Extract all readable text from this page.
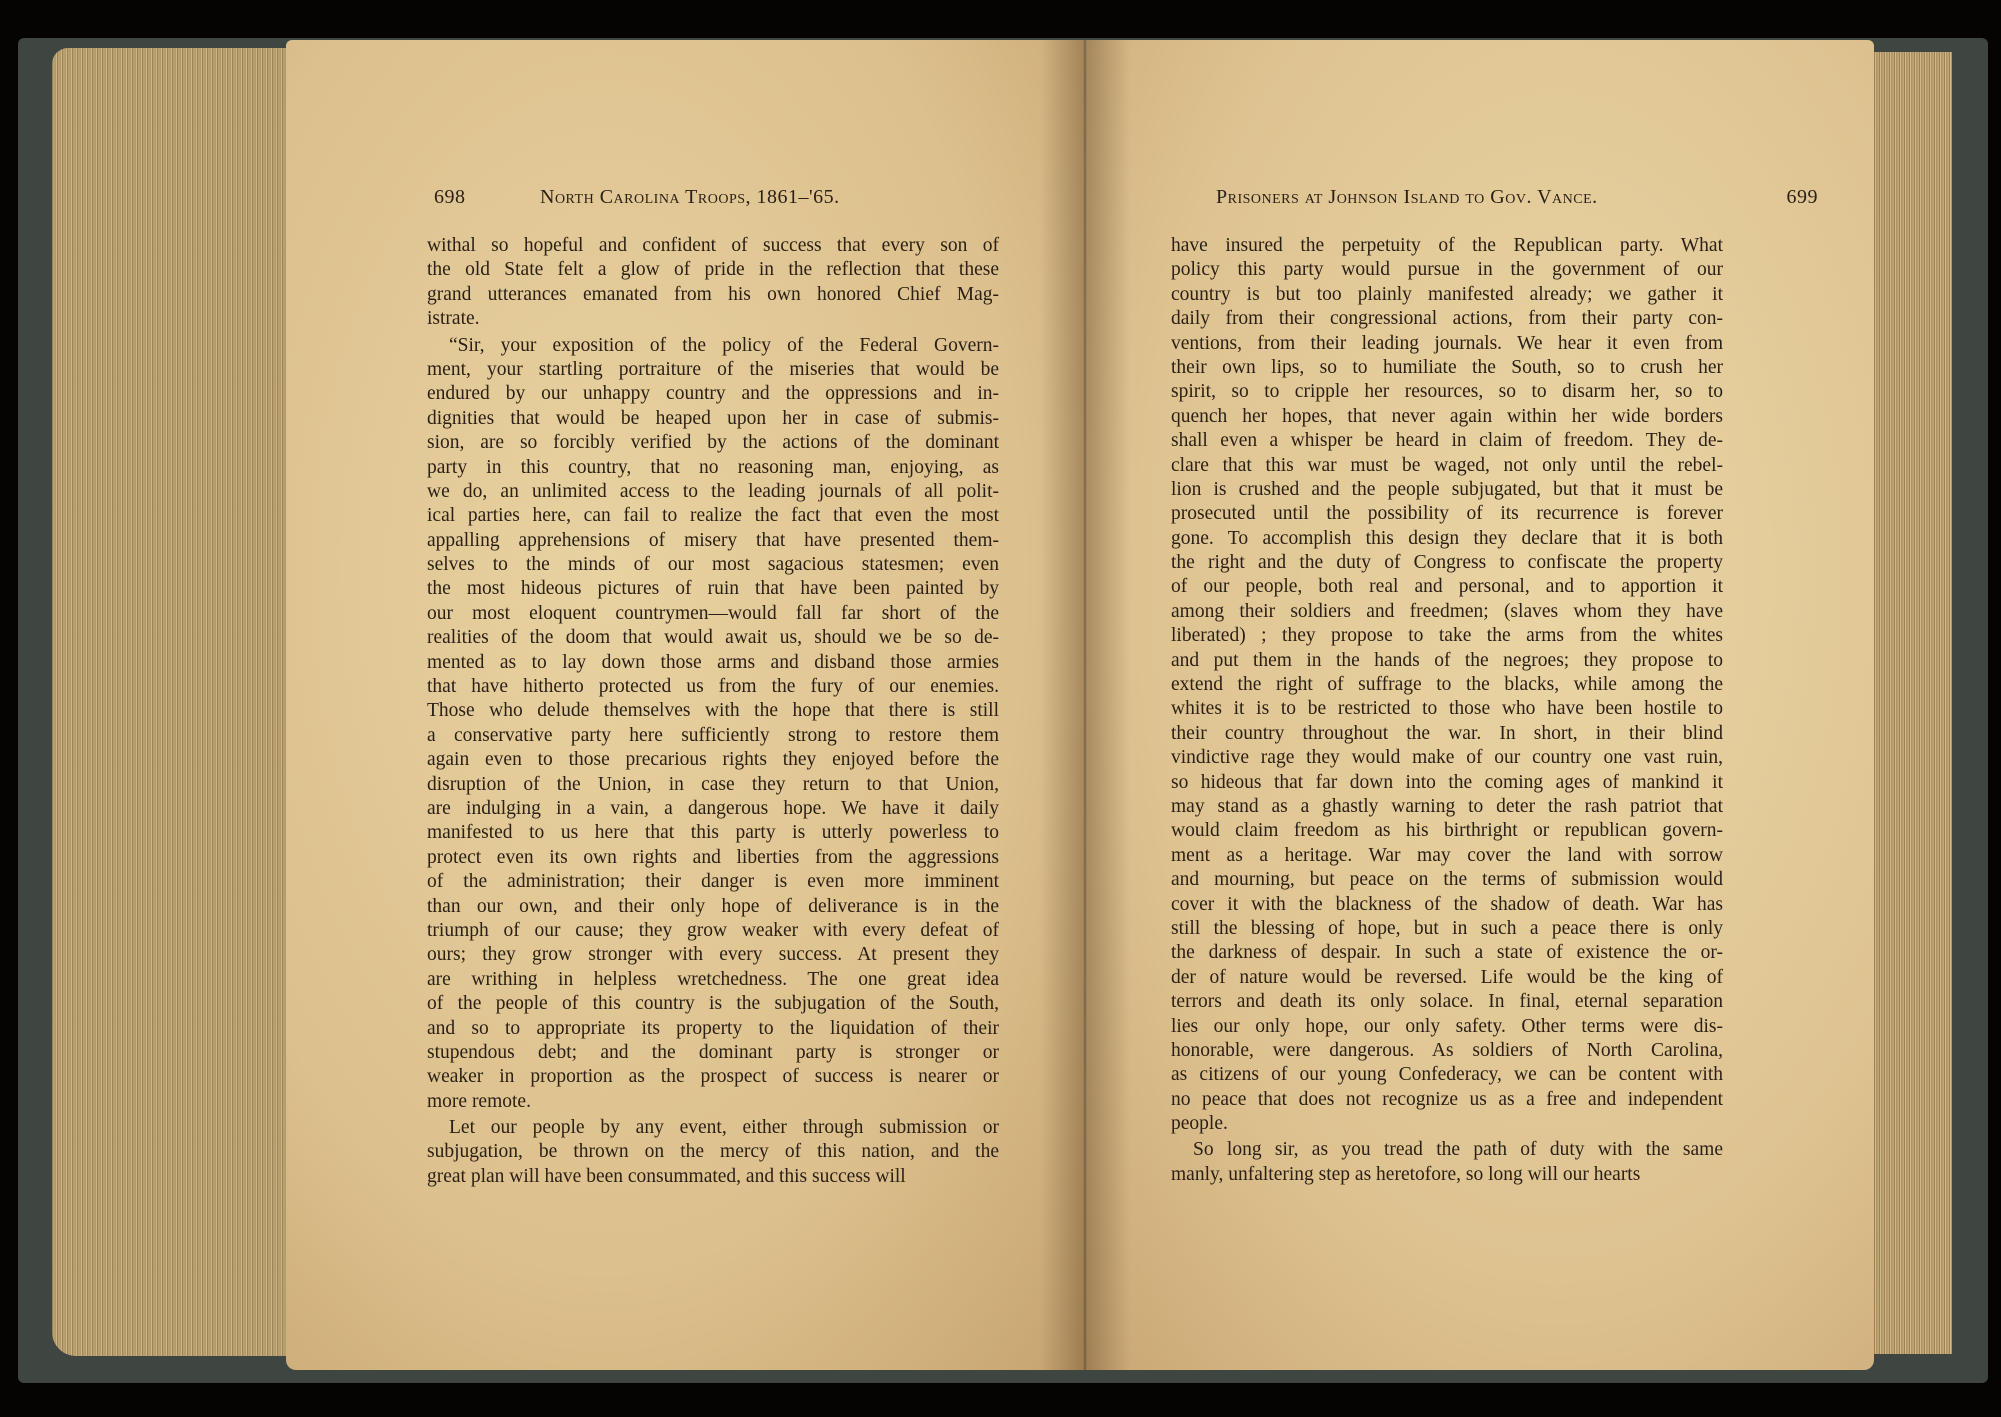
698	North Carolina Troops, 1861–'65.
withal so hopeful and confident of success that every son of
the old State felt a glow of pride in the reflection that these
grand utterances emanated from his own honored Chief Mag-
istrate.
“Sir, your exposition of the policy of the Federal Govern-
ment, your startling portraiture of the miseries that would be
endured by our unhappy country and the oppressions and in-
dignities that would be heaped upon her in case of submis-
sion, are so forcibly verified by the actions of the dominant
party in this country, that no reasoning man, enjoying, as
we do, an unlimited access to the leading journals of all polit-
ical parties here, can fail to realize the fact that even the most
appalling apprehensions of misery that have presented them-
selves to the minds of our most sagacious statesmen; even
the most hideous pictures of ruin that have been painted by
our most eloquent countrymen—would fall far short of the
realities of the doom that would await us, should we be so de-
mented as to lay down those arms and disband those armies
that have hitherto protected us from the fury of our enemies.
Those who delude themselves with the hope that there is still
a conservative party here sufficiently strong to restore them
again even to those precarious rights they enjoyed before the
disruption of the Union, in case they return to that Union,
are indulging in a vain, a dangerous hope. We have it daily
manifested to us here that this party is utterly powerless to
protect even its own rights and liberties from the aggressions
of the administration; their danger is even more imminent
than our own, and their only hope of deliverance is in the
triumph of our cause; they grow weaker with every defeat of
ours; they grow stronger with every success. At present they
are writhing in helpless wretchedness. The one great idea
of the people of this country is the subjugation of the South,
and so to appropriate its property to the liquidation of their
stupendous debt; and the dominant party is stronger or
weaker in proportion as the prospect of success is nearer or
more remote.
Let our people by any event, either through submission or
subjugation, be thrown on the mercy of this nation, and the
great plan will have been consummated, and this success will
Prisoners at Johnson Island to Gov. Vance.	699
have insured the perpetuity of the Republican party. What
policy this party would pursue in the government of our
country is but too plainly manifested already; we gather it
daily from their congressional actions, from their party con-
ventions, from their leading journals. We hear it even from
their own lips, so to humiliate the South, so to crush her
spirit, so to cripple her resources, so to disarm her, so to
quench her hopes, that never again within her wide borders
shall even a whisper be heard in claim of freedom. They de-
clare that this war must be waged, not only until the rebel-
lion is crushed and the people subjugated, but that it must be
prosecuted until the possibility of its recurrence is forever
gone. To accomplish this design they declare that it is both
the right and the duty of Congress to confiscate the property
of our people, both real and personal, and to apportion it
among their soldiers and freedmen; (slaves whom they have
liberated) ; they propose to take the arms from the whites
and put them in the hands of the negroes; they propose to
extend the right of suffrage to the blacks, while among the
whites it is to be restricted to those who have been hostile to
their country throughout the war. In short, in their blind
vindictive rage they would make of our country one vast ruin,
so hideous that far down into the coming ages of mankind it
may stand as a ghastly warning to deter the rash patriot that
would claim freedom as his birthright or republican govern-
ment as a heritage. War may cover the land with sorrow
and mourning, but peace on the terms of submission would
cover it with the blackness of the shadow of death. War has
still the blessing of hope, but in such a peace there is only
the darkness of despair. In such a state of existence the or-
der of nature would be reversed. Life would be the king of
terrors and death its only solace. In final, eternal separation
lies our only hope, our only safety. Other terms were dis-
honorable, were dangerous. As soldiers of North Carolina,
as citizens of our young Confederacy, we can be content with
no peace that does not recognize us as a free and independent
people.
So long sir, as you tread the path of duty with the same
manly, unfaltering step as heretofore, so long will our hearts
